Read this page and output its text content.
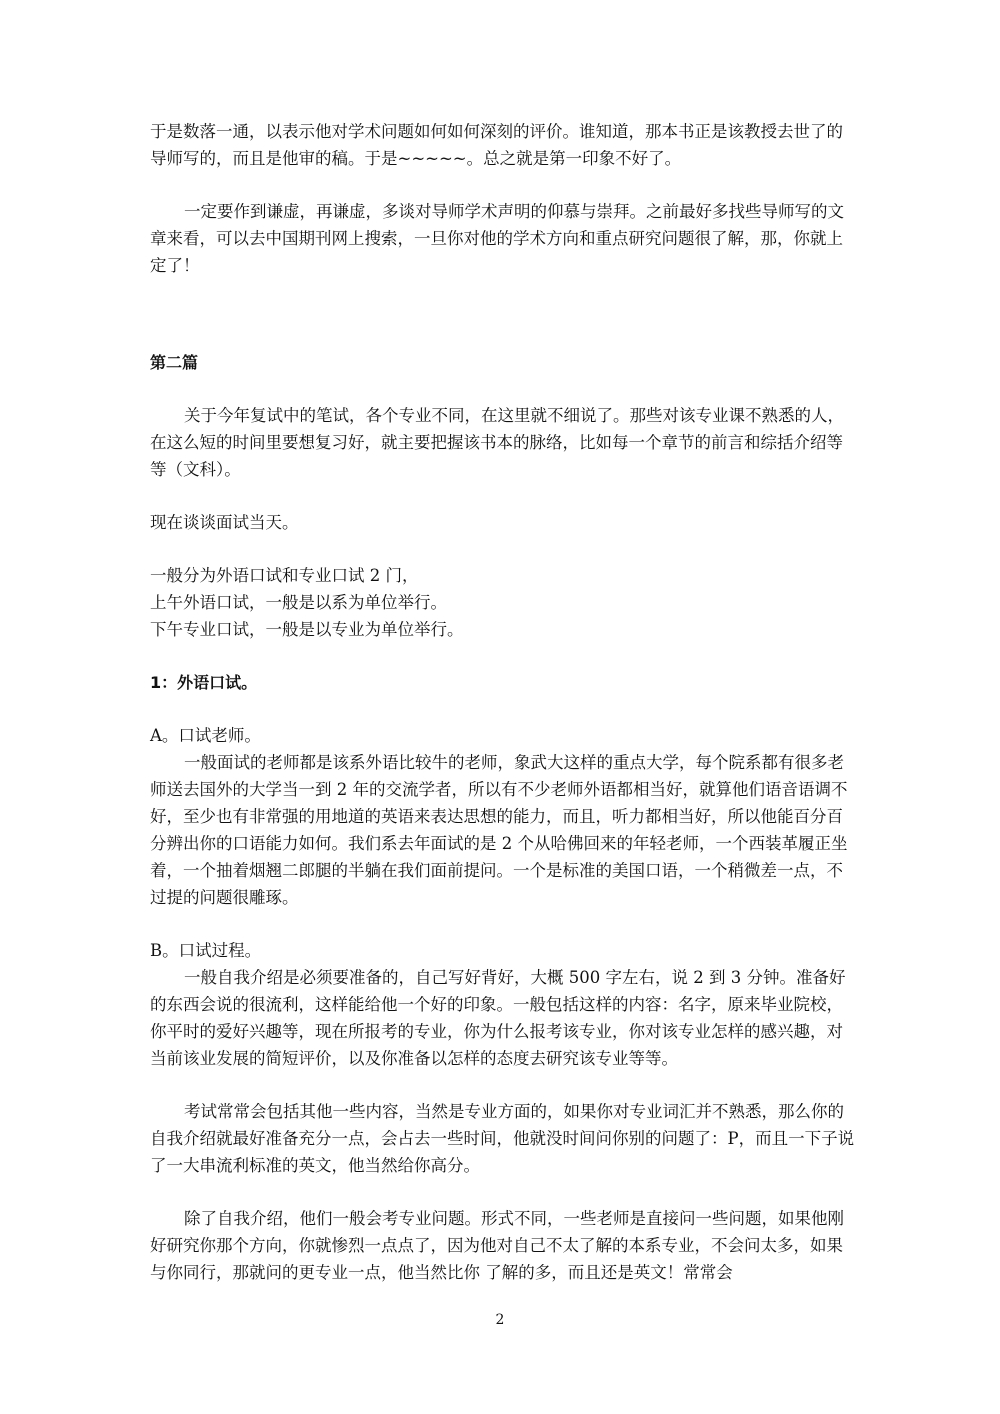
于是数落一通，以表示他对学术问题如何如何深刻的评价。谁知道，那本书正是该教授去世了的导师写的，而且是他审的稿。于是~~~~~。总之就是第一印象不好了。

一定要作到谦虚，再谦虚，多谈对导师学术声明的仰慕与崇拜。之前最好多找些导师写的文章来看，可以去中国期刊网上搜索，一旦你对他的学术方向和重点研究问题很了解，那，你就上定了！

第二篇

关于今年复试中的笔试，各个专业不同，在这里就不细说了。那些对该专业课不熟悉的人，在这么短的时间里要想复习好，就主要把握该书本的脉络，比如每一个章节的前言和综括介绍等等（文科）。

现在谈谈面试当天。

一般分为外语口试和专业口试 2 门，

上午外语口试，一般是以系为单位举行。

下午专业口试，一般是以专业为单位举行。

1：外语口试。

A。口试老师。

一般面试的老师都是该系外语比较牛的老师，象武大这样的重点大学，每个院系都有很多老师送去国外的大学当一到 2 年的交流学者，所以有不少老师外语都相当好，就算他们语音语调不好，至少也有非常强的用地道的英语来表达思想的能力，而且，听力都相当好，所以他能百分百分辨出你的口语能力如何。我们系去年面试的是 2 个从哈佛回来的年轻老师，一个西装革履正坐着，一个抽着烟翘二郎腿的半躺在我们面前提问。一个是标准的美国口语，一个稍微差一点，不过提的问题很雕琢。

B。口试过程。

一般自我介绍是必须要准备的，自己写好背好，大概 500 字左右，说 2 到 3 分钟。准备好的东西会说的很流利，这样能给他一个好的印象。一般包括这样的内容：名字，原来毕业院校，你平时的爱好兴趣等，现在所报考的专业，你为什么报考该专业，你对该专业怎样的感兴趣，对当前该业发展的简短评价，以及你准备以怎样的态度去研究该专业等等。

考试常常会包括其他一些内容，当然是专业方面的，如果你对专业词汇并不熟悉，那么你的自我介绍就最好准备充分一点，会占去一些时间，他就没时间问你别的问题了：P，而且一下子说了一大串流利标准的英文，他当然给你高分。

除了自我介绍，他们一般会考专业问题。形式不同，一些老师是直接问一些问题，如果他刚好研究你那个方向，你就惨烈一点点了，因为他对自己不太了解的本系专业，不会问太多，如果与你同行，那就问的更专业一点，他当然比你 了解的多，而且还是英文！常常会

2
